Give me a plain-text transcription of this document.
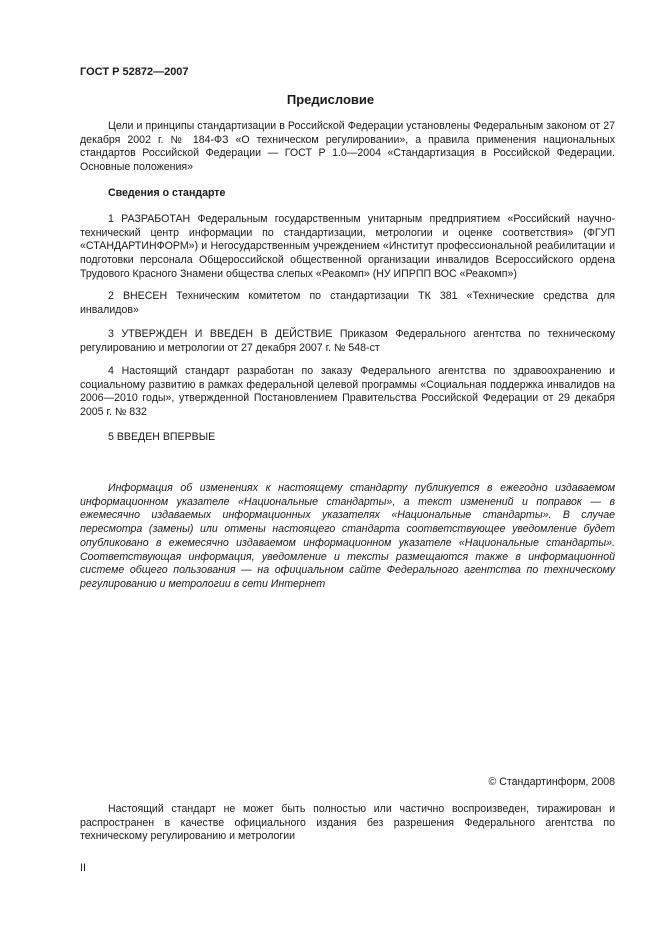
ГОСТ Р 52872—2007
Предисловие

Цели и принципы стандартизации в Российской Федерации установлены Федеральным законом от 27 декабря 2002 г. № 184-ФЗ «О техническом регулировании», а правила применения национальных стандартов Российской Федерации — ГОСТ Р 1.0—2004 «Стандартизация в Российской Федерации. Основные положения»

Сведения о стандарте

1 РАЗРАБОТАН Федеральным государственным унитарным предприятием «Российский научно-технический центр информации по стандартизации, метрологии и оценке соответствия» (ФГУП «СТАНДАРТИНФОРМ») и Негосударственным учреждением «Институт профессиональной реабилитации и подготовки персонала Общероссийской общественной организации инвалидов Всероссийского ордена Трудового Красного Знамени общества слепых «Реакомп» (НУ ИПРПП ВОС «Реакомп»)

2 ВНЕСЕН Техническим комитетом по стандартизации ТК 381 «Технические средства для инвалидов»

3 УТВЕРЖДЕН И ВВЕДЕН В ДЕЙСТВИЕ Приказом Федерального агентства по техническому регулированию и метрологии от 27 декабря 2007 г. № 548-ст

4 Настоящий стандарт разработан по заказу Федерального агентства по здравоохранению и социальному развитию в рамках федеральной целевой программы «Социальная поддержка инвалидов на 2006—2010 годы», утвержденной Постановлением Правительства Российской Федерации от 29 декабря 2005 г. № 832

5 ВВЕДЕН ВПЕРВЫЕ

Информация об изменениях к настоящему стандарту публикуется в ежегодно издаваемом информационном указателе «Национальные стандарты», а текст изменений и поправок — в ежемесячно издаваемых информационных указателях «Национальные стандарты». В случае пересмотра (замены) или отмены настоящего стандарта соответствующее уведомление будет опубликовано в ежемесячно издаваемом информационном указателе «Национальные стандарты». Соответствующая информация, уведомление и тексты размещаются также в информационной системе общего пользования — на официальном сайте Федерального агентства по техническому регулированию и метрологии в сети Интернет

© Стандартинформ, 2008

Настоящий стандарт не может быть полностью или частично воспроизведен, тиражирован и распространен в качестве официального издания без разрешения Федерального агентства по техническому регулированию и метрологии

II
